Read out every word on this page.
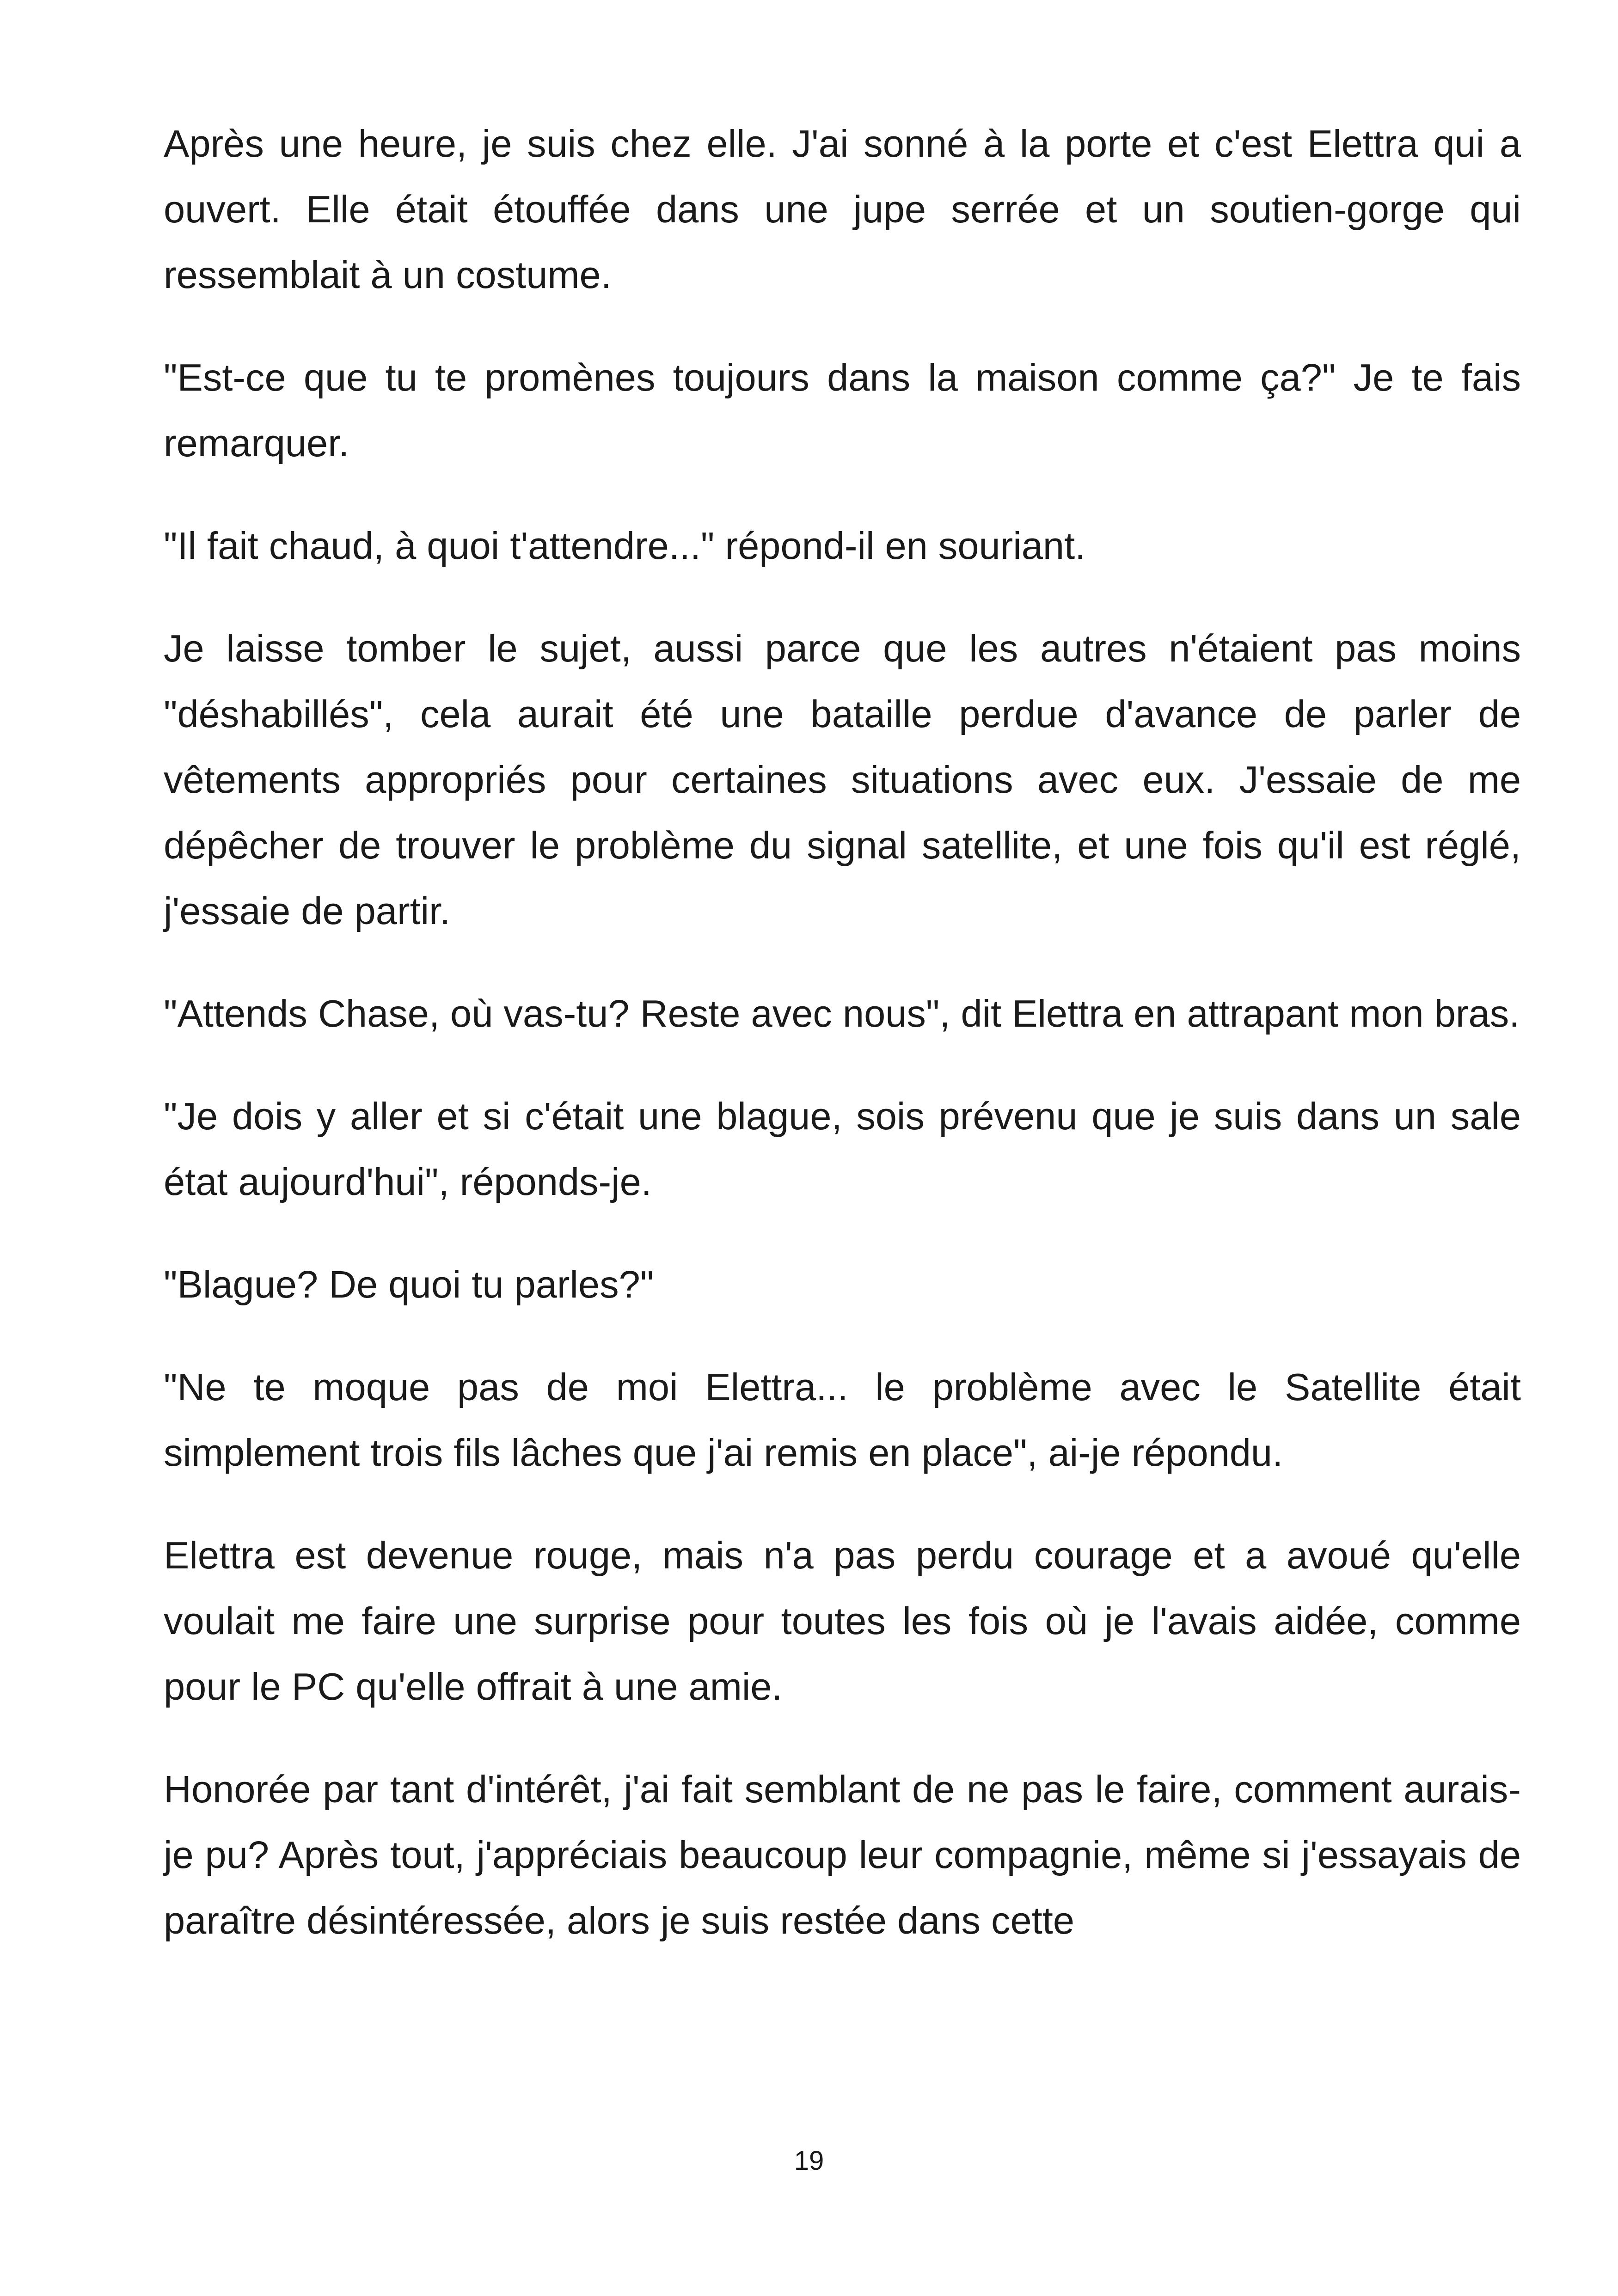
Après une heure, je suis chez elle. J'ai sonné à la porte et c'est Elettra qui a ouvert. Elle était étouffée dans une jupe serrée et un soutien-gorge qui ressemblait à un costume.

"Est-ce que tu te promènes toujours dans la maison comme ça?" Je te fais remarquer.

"Il fait chaud, à quoi t'attendre..." répond-il en souriant.

Je laisse tomber le sujet, aussi parce que les autres n'étaient pas moins "déshabillés", cela aurait été une bataille perdue d'avance de parler de vêtements appropriés pour certaines situations avec eux. J'essaie de me dépêcher de trouver le problème du signal satellite, et une fois qu'il est réglé, j'essaie de partir.

"Attends Chase, où vas-tu? Reste avec nous", dit Elettra en attrapant mon bras.

"Je dois y aller et si c'était une blague, sois prévenu que je suis dans un sale état aujourd'hui", réponds-je.

"Blague? De quoi tu parles?"

"Ne te moque pas de moi Elettra... le problème avec le Satellite était simplement trois fils lâches que j'ai remis en place", ai-je répondu.

Elettra est devenue rouge, mais n'a pas perdu courage et a avoué qu'elle voulait me faire une surprise pour toutes les fois où je l'avais aidée, comme pour le PC qu'elle offrait à une amie.

Honorée par tant d'intérêt, j'ai fait semblant de ne pas le faire, comment aurais-je pu? Après tout, j'appréciais beaucoup leur compagnie, même si j'essayais de paraître désintéressée, alors je suis restée dans cette

19
